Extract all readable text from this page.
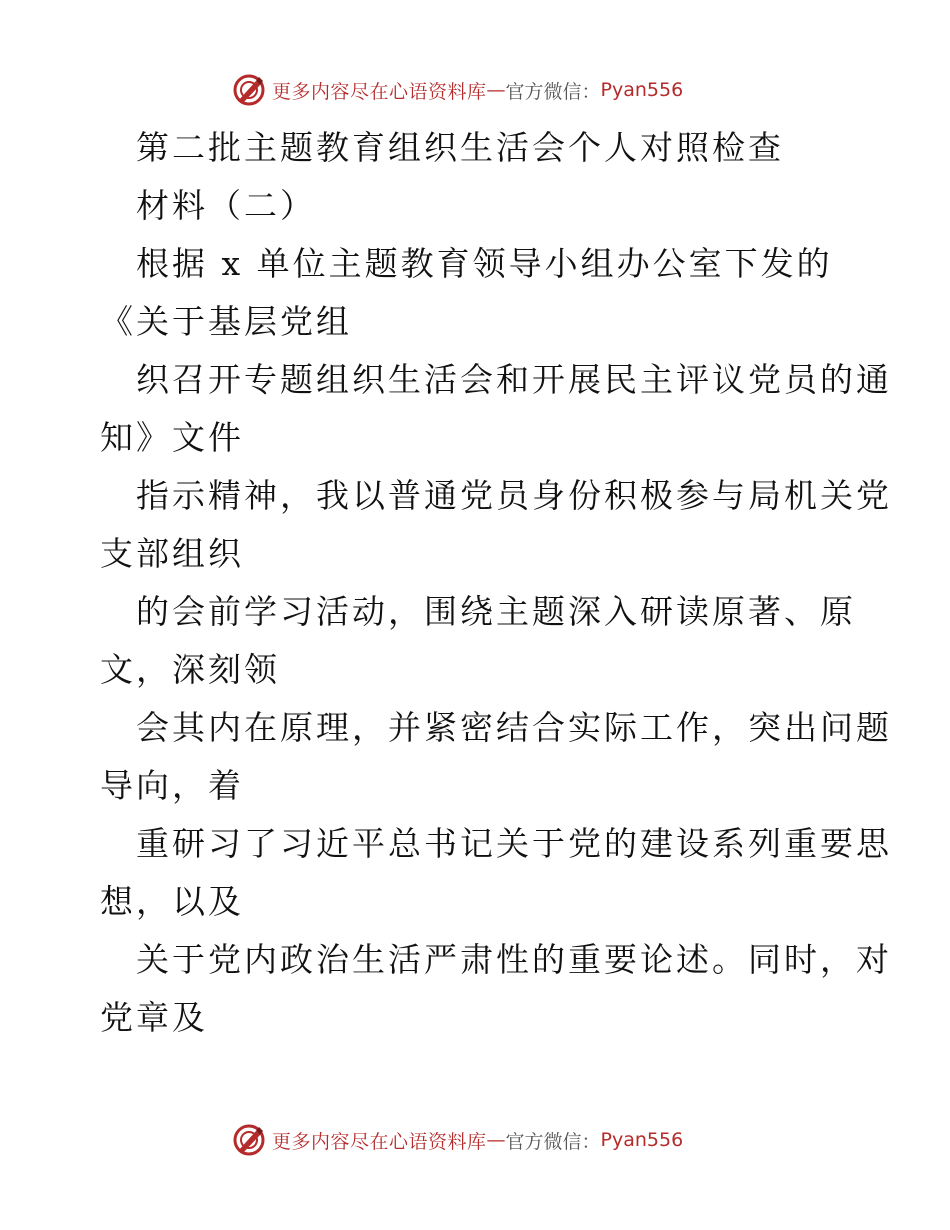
更多内容尽在心语资料库 — 官方微信： Pyan556
第二批主题教育组织生活会个人对照检查
材料（二）
根据 x 单位主题教育领导小组办公室下发的
《关于基层党组
织召开专题组织生活会和开展民主评议党员的通
知》文件
指示精神，我以普通党员身份积极参与局机关党
支部组织
的会前学习活动，围绕主题深入研读原著、原
文，深刻领
会其内在原理，并紧密结合实际工作，突出问题
导向，着
重研习了习近平总书记关于党的建设系列重要思
想，以及
关于党内政治生活严肃性的重要论述。同时，对
党章及
更多内容尽在心语资料库 — 官方微信： Pyan556
